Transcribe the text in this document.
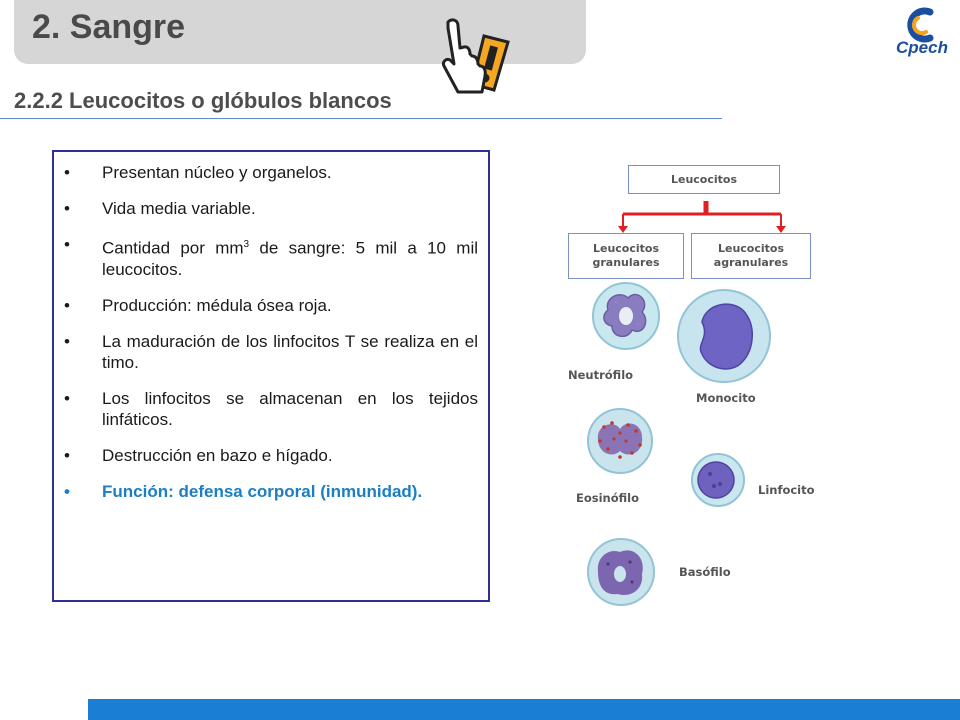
2. Sangre
Cpech
2.2.2 Leucocitos o glóbulos blancos
• Presentan núcleo y organelos.
• Vida media variable.
• Cantidad por $mm^3$ de sangre: 5 mil a 10 mil leucocitos.
• Producción: médula ósea roja.
• La maduración de los linfocitos T se realiza en el timo.
• Los linfocitos se almacenan en los tejidos linfáticos.
• Destrucción en bazo e hígado.
• Función: defensa corporal (inmunidad).
Leucocitos
Leucocitos granulares
Leucocitos agranulares
Neutrófilo
Monocito
Eosinófilo
Linfocito
Basófilo
